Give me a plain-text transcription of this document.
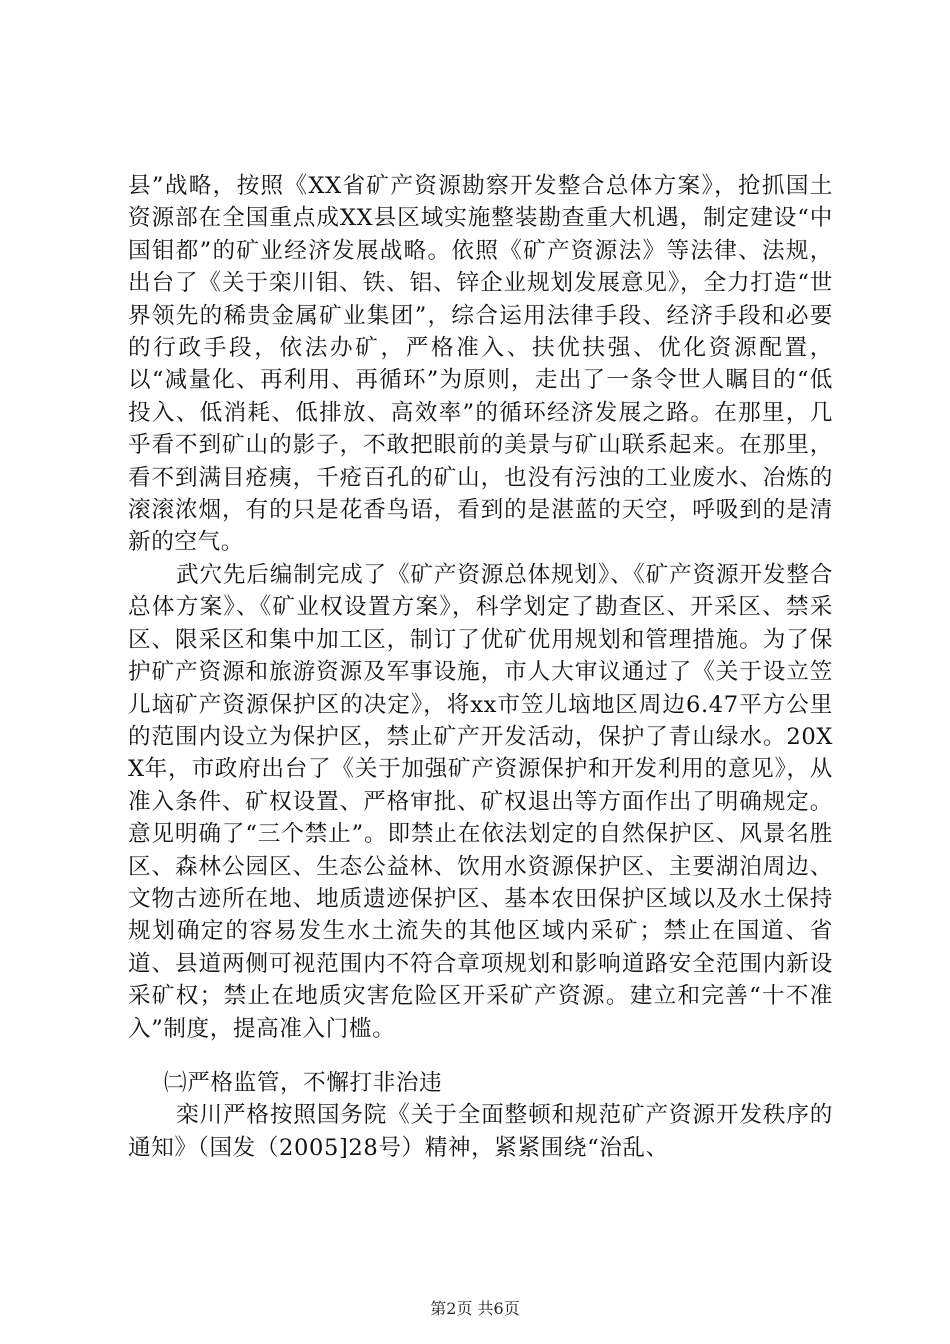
县”战略，按照《XX省矿产资源勘察开发整合总体方案》，抢抓国土资源部在全国重点成XX县区域实施整装勘查重大机遇，制定建设“中国钼都”的矿业经济发展战略。依照《矿产资源法》等法律、法规，出台了《关于栾川钼、铁、铝、锌企业规划发展意见》，全力打造“世界领先的稀贵金属矿业集团”，综合运用法律手段、经济手段和必要的行政手段，依法办矿，严格准入、扶优扶强、优化资源配置，以“减量化、再利用、再循环”为原则，走出了一条令世人瞩目的“低投入、低消耗、低排放、高效率”的循环经济发展之路。在那里，几乎看不到矿山的影子，不敢把眼前的美景与矿山联系起来。在那里，看不到满目疮痍，千疮百孔的矿山，也没有污浊的工业废水、冶炼的滚滚浓烟，有的只是花香鸟语，看到的是湛蓝的天空，呼吸到的是清新的空气。

武穴先后编制完成了《矿产资源总体规划》、《矿产资源开发整合总体方案》、《矿业权设置方案》，科学划定了勘查区、开采区、禁采区、限采区和集中加工区，制订了优矿优用规划和管理措施。为了保护矿产资源和旅游资源及军事设施，市人大审议通过了《关于设立笠儿垴矿产资源保护区的决定》，将xx市笠儿垴地区周边6.47平方公里的范围内设立为保护区，禁止矿产开发活动，保护了青山绿水。20XX年，市政府出台了《关于加强矿产资源保护和开发利用的意见》，从准入条件、矿权设置、严格审批、矿权退出等方面作出了明确规定。意见明确了“三个禁止”。即禁止在依法划定的自然保护区、风景名胜区、森林公园区、生态公益林、饮用水资源保护区、主要湖泊周边、文物古迹所在地、地质遗迹保护区、基本农田保护区域以及水土保持规划确定的容易发生水土流失的其他区域内采矿；禁止在国道、省道、县道两侧可视范围内不符合章项规划和影响道路安全范围内新设采矿权；禁止在地质灾害危险区开采矿产资源。建立和完善“十不准入”制度，提高准入门槛。

㈡严格监管，不懈打非治违

栾川严格按照国务院《关于全面整顿和规范矿产资源开发秩序的通知》（国发（2005]28号）精神，紧紧围绕“治乱、

第2页 共6页
